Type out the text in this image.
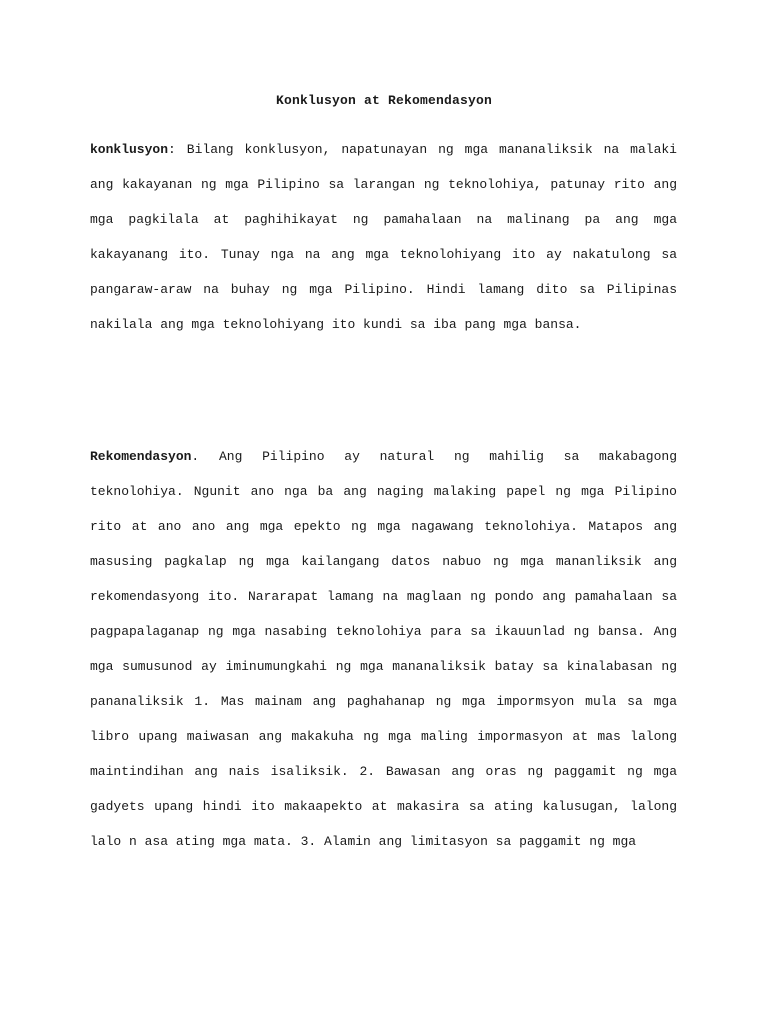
Konklusyon at Rekomendasyon

konklusyon: Bilang konklusyon, napatunayan ng mga mananaliksik na malaki ang kakayanan ng mga Pilipino sa larangan ng teknolohiya, patunay rito ang mga pagkilala at paghihikayat ng pamahalaan na malinang pa ang mga kakayanang ito. Tunay nga na ang mga teknolohiyang ito ay nakatulong sa pangaraw-araw na buhay ng mga Pilipino. Hindi lamang dito sa Pilipinas nakilala ang mga teknolohiyang ito kundi sa iba pang mga bansa.

Rekomendasyon. Ang Pilipino ay natural ng mahilig sa makabagong teknolohiya. Ngunit ano nga ba ang naging malaking papel ng mga Pilipino rito at ano ano ang mga epekto ng mga nagawang teknolohiya. Matapos ang masusing pagkalap ng mga kailangang datos nabuo ng mga mananliksik ang rekomendasyong ito. Nararapat lamang na maglaan ng pondo ang pamahalaan sa pagpapalaganap ng mga nasabing teknolohiya para sa ikauunlad ng bansa. Ang mga sumusunod ay iminumungkahi ng mga mananaliksik batay sa kinalabasan ng pananaliksik 1. Mas mainam ang paghahanap ng mga impormsyon mula sa mga libro upang maiwasan ang makakuha ng mga maling impormasyon at mas lalong maintindihan ang nais isaliksik. 2. Bawasan ang oras ng paggamit ng mga gadyets upang hindi ito makaapekto at makasira sa ating kalusugan, lalong lalo n asa ating mga mata. 3. Alamin ang limitasyon sa paggamit ng mga
